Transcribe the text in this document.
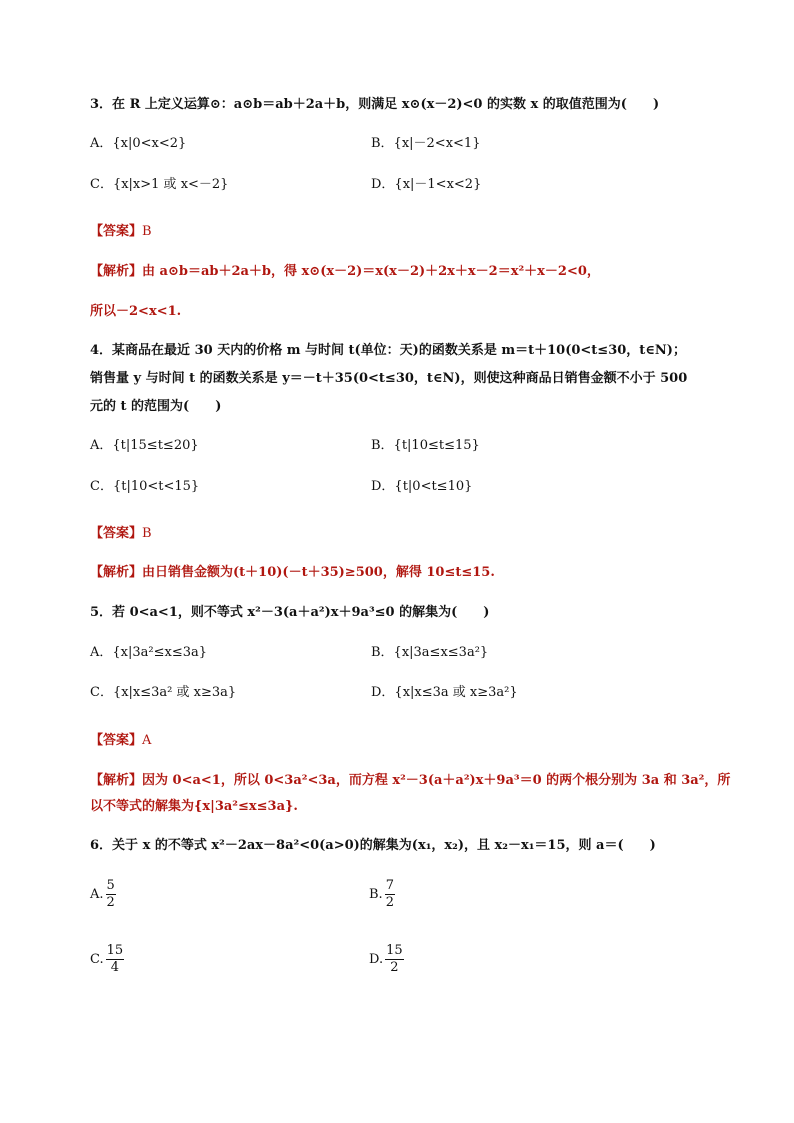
3．在 R 上定义运算⊙：a⊙b＝ab＋2a＋b，则满足 x⊙(x－2)<0 的实数 x 的取值范围为(　　)
A．{x|0<x<2}	B．{x|－2<x<1}
C．{x|x>1 或 x<－2}	D．{x|－1<x<2}
【答案】B
【解析】由 a⊙b＝ab＋2a＋b，得 x⊙(x－2)＝x(x－2)＋2x＋x－2＝x²＋x－2<0，
所以－2<x<1.
4．某商品在最近 30 天内的价格 m 与时间 t(单位：天)的函数关系是 m＝t＋10(0<t≤30，t∈N)；
销售量 y 与时间 t 的函数关系是 y＝－t＋35(0<t≤30，t∈N)，则使这种商品日销售金额不小于 500
元的 t 的范围为(　　)
A．{t|15≤t≤20}	B．{t|10≤t≤15}
C．{t|10<t<15}	D．{t|0<t≤10}
【答案】B
【解析】由日销售金额为(t＋10)(－t＋35)≥500，解得 10≤t≤15.
5．若 0<a<1，则不等式 x²－3(a＋a²)x＋9a³≤0 的解集为(　　)
A．{x|3a²≤x≤3a}	B．{x|3a≤x≤3a²}
C．{x|x≤3a² 或 x≥3a}	D．{x|x≤3a 或 x≥3a²}
【答案】A
【解析】因为 0<a<1，所以 0<3a²<3a，而方程 x²－3(a＋a²)x＋9a³＝0 的两个根分别为 3a 和 3a²，所
以不等式的解集为{x|3a²≤x≤3a}.
6．关于 x 的不等式 x²－2ax－8a²<0(a>0)的解集为(x₁，x₂)，且 x₂－x₁＝15，则 a＝(　　)
A. $\frac{5}{2}$	B. $\frac{7}{2}$
C. $\frac{15}{4}$	D. $\frac{15}{2}$
